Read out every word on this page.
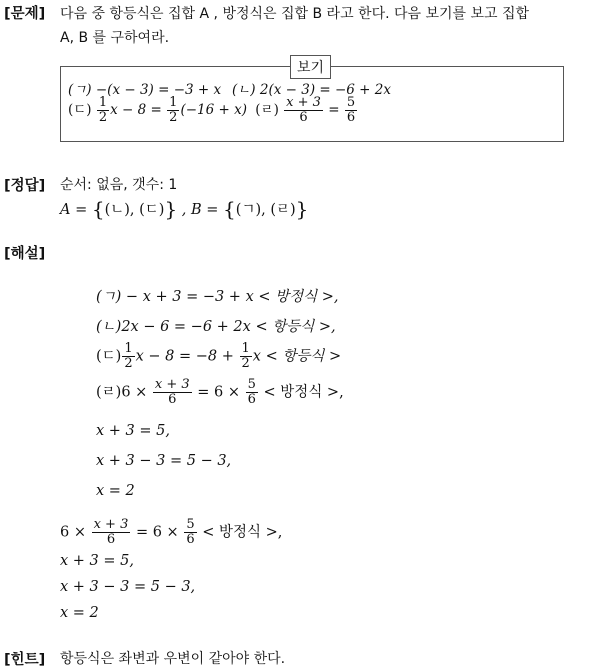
[문제] 다음 중 항등식은 집합 A , 방정식은 집합 B 라고 한다. 다음 보기를 보고 집합
A, B 를 구하여라.
보기
(ㄱ) −(x − 3) = −3 + x (ㄴ) 2(x − 3) = −6 + 2x
(ㄷ) $\frac{1}{2}$ $x - 8 = \frac{1}{2} (-16 + x)$ (ㄹ) $\frac{x + 3}{6} = \frac{5}{6}$
[정답] 순서: 없음, 갯수: 1
A = {(ㄴ), (ㄷ)} , B = {(ㄱ), (ㄹ)}
[해설]
(ㄱ) − x + 3 = −3 + x < 방정식 >,
(ㄴ)2x − 6 = −6 + 2x < 항등식 >,
(ㄷ) $\frac{1}{2}$ $x - 8 = -8 + \frac{1}{2}$ x < 항등식 >
(ㄹ)$6 \times \frac{x + 3}{6} = 6 \times \frac{5}{6}$ < 방정식 >,
x + 3 = 5,
x + 3 − 3 = 5 − 3,
x = 2
$6 \times \frac{x + 3}{6} = 6 \times \frac{5}{6}$ < 방정식 >,
x + 3 = 5,
x + 3 − 3 = 5 − 3,
x = 2
[힌트] 항등식은 좌변과 우변이 같아야 한다.
